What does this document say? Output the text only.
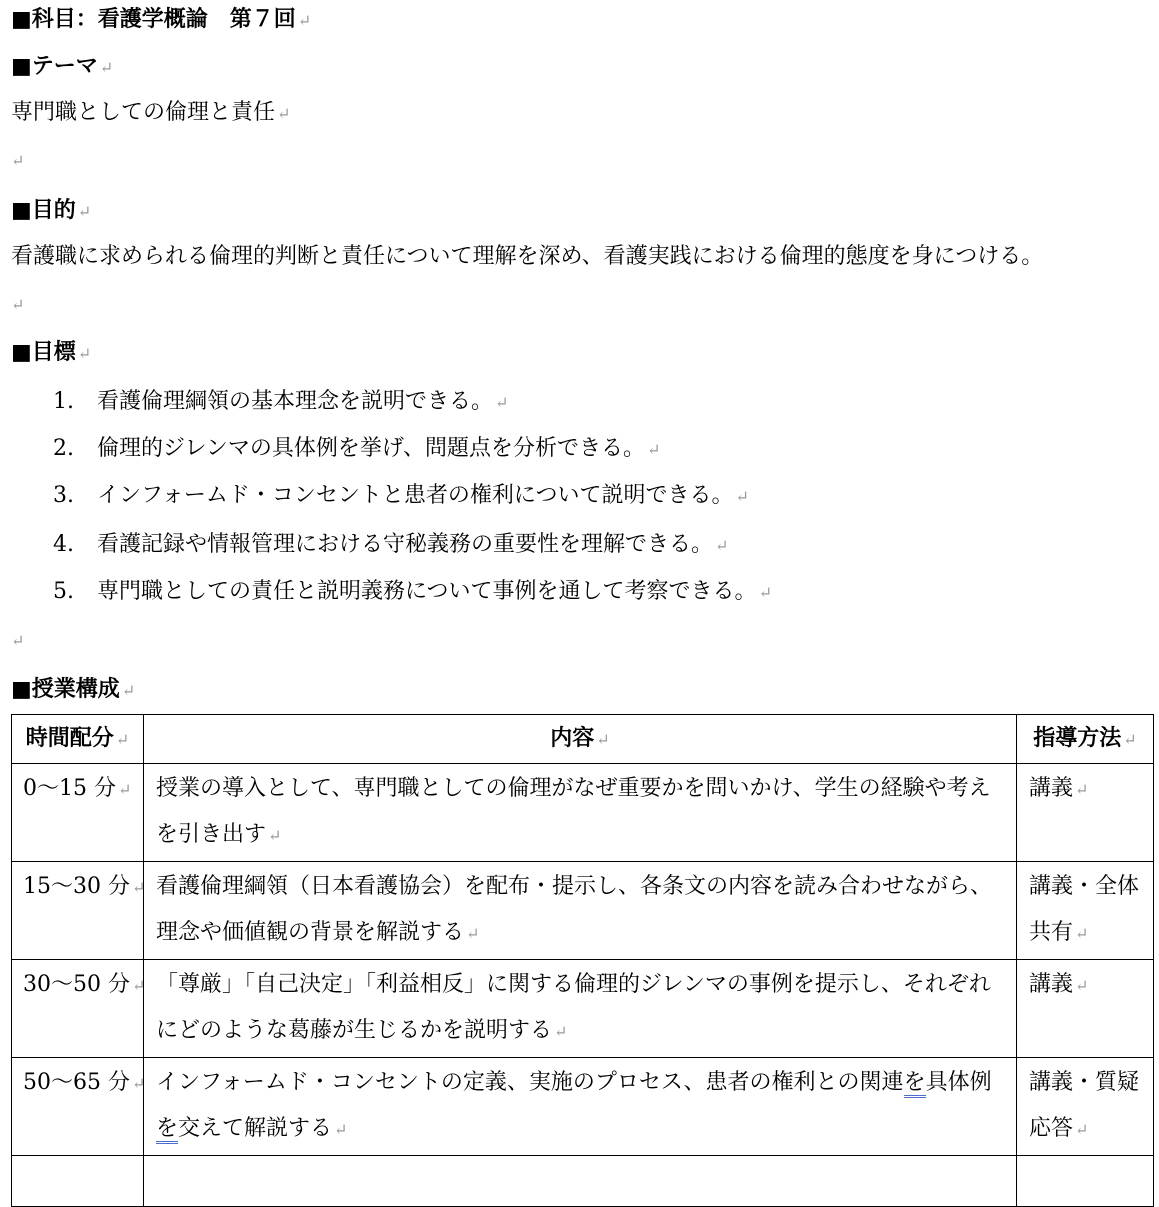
■科目：看護学概論　第７回 ↵
■テーマ ↵
専門職としての倫理と責任 ↵
↵
■目的 ↵
看護職に求められる倫理的判断と責任について理解を深め、看護実践における倫理的態度を身につける。
↵
■目標 ↵
1. 看護倫理綱領の基本理念を説明できる。 ↵
2. 倫理的ジレンマの具体例を挙げ、問題点を分析できる。 ↵
3. インフォームド・コンセントと患者の権利について説明できる。 ↵
4. 看護記録や情報管理における守秘義務の重要性を理解できる。 ↵
5. 専門職としての責任と説明義務について事例を通して考察できる。 ↵
↵
■授業構成 ↵
時間配分 ↵	内容 ↵	指導方法 ↵
0～15 分 ↵	授業の導入として、専門職としての倫理がなぜ重要かを問いかけ、学生の経験や考えを引き出す ↵	講義 ↵
15～30 分 ↵	看護倫理綱領（日本看護協会）を配布・提示し、各条文の内容を読み合わせながら、理念や価値観の背景を解説する ↵	講義・全体共有 ↵
30～50 分 ↵	「尊厳」「自己決定」「利益相反」に関する倫理的ジレンマの事例を提示し、それぞれにどのような葛藤が生じるかを説明する ↵	講義 ↵
50～65 分 ↵	インフォームド・コンセントの定義、実施のプロセス、患者の権利との関連を具体例を交えて解説する ↵	講義・質疑応答 ↵
